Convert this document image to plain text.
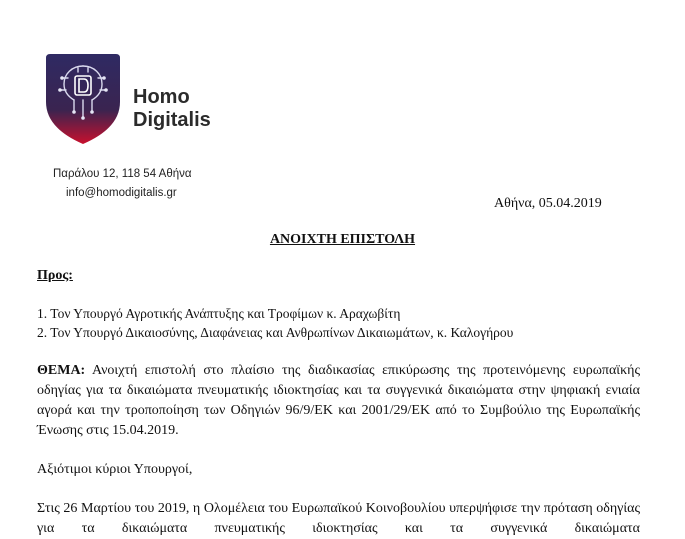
Homo
Digitalis
Παράλου 12, 118 54 Αθήνα
info@homodigitalis.gr
Αθήνα, 05.04.2019
ΑΝΟΙΧΤΗ ΕΠΙΣΤΟΛΗ
Προς:
1. Τον Υπουργό Αγροτικής Ανάπτυξης και Τροφίμων κ. Αραχωβίτη
2. Τον Υπουργό Δικαιοσύνης, Διαφάνειας και Ανθρωπίνων Δικαιωμάτων, κ. Καλογήρου
ΘΕΜΑ: Ανοιχτή επιστολή στο πλαίσιο της διαδικασίας επικύρωσης της προτεινόμενης ευρωπαϊκής οδηγίας για τα δικαιώματα πνευματικής ιδιοκτησίας και τα συγγενικά δικαιώματα στην ψηφιακή ενιαία αγορά και την τροποποίηση των Οδηγιών 96/9/ΕΚ και 2001/29/ΕΚ από το Συμβούλιο της Ευρωπαϊκής Ένωσης στις 15.04.2019.
Αξιότιμοι κύριοι Υπουργοί,
Στις 26 Μαρτίου του 2019, η Ολομέλεια του Ευρωπαϊκού Κοινοβουλίου υπερψήφισε την πρόταση οδηγίας για τα δικαιώματα πνευματικής ιδιοκτησίας και τα συγγενικά δικαιώματα
